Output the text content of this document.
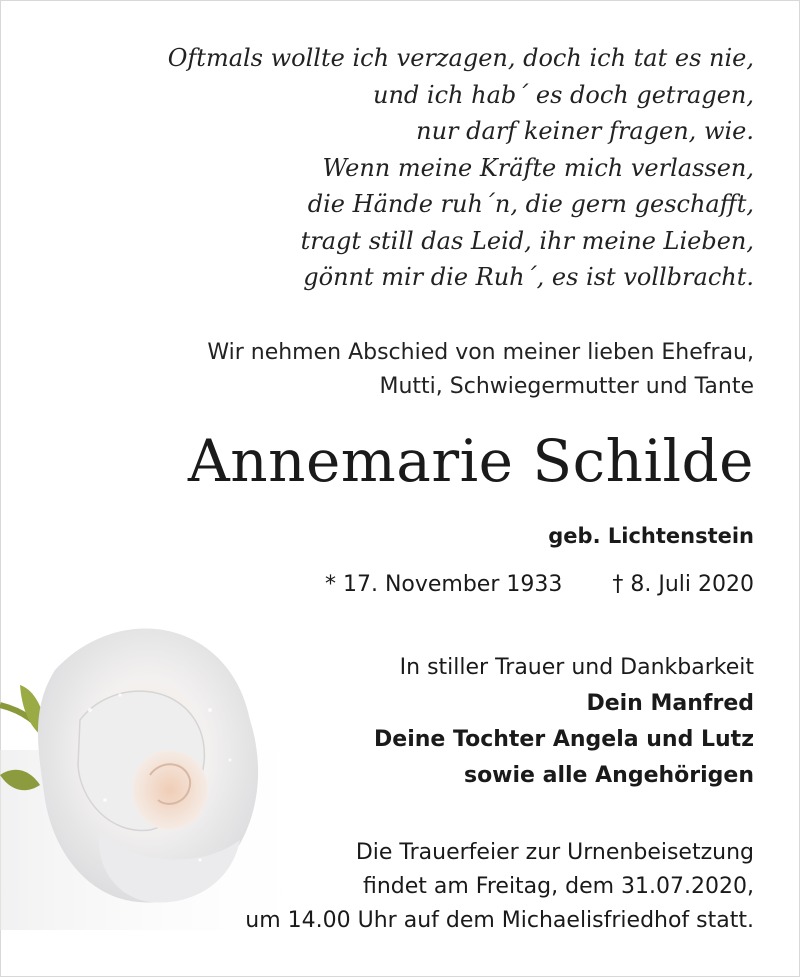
Oftmals wollte ich verzagen, doch ich tat es nie,
und ich hab´ es doch getragen,
nur darf keiner fragen, wie.
Wenn meine Kräfte mich verlassen,
die Hände ruh´n, die gern geschafft,
tragt still das Leid, ihr meine Lieben,
gönnt mir die Ruh´, es ist vollbracht.
Wir nehmen Abschied von meiner lieben Ehefrau,
Mutti, Schwiegermutter und Tante
Annemarie Schilde
geb. Lichtenstein
* 17. November 1933 † 8. Juli 2020
In stiller Trauer und Dankbarkeit
Dein Manfred
Deine Tochter Angela und Lutz
sowie alle Angehörigen
Die Trauerfeier zur Urnenbeisetzung
findet am Freitag, dem 31.07.2020,
um 14.00 Uhr auf dem Michaelisfriedhof statt.
